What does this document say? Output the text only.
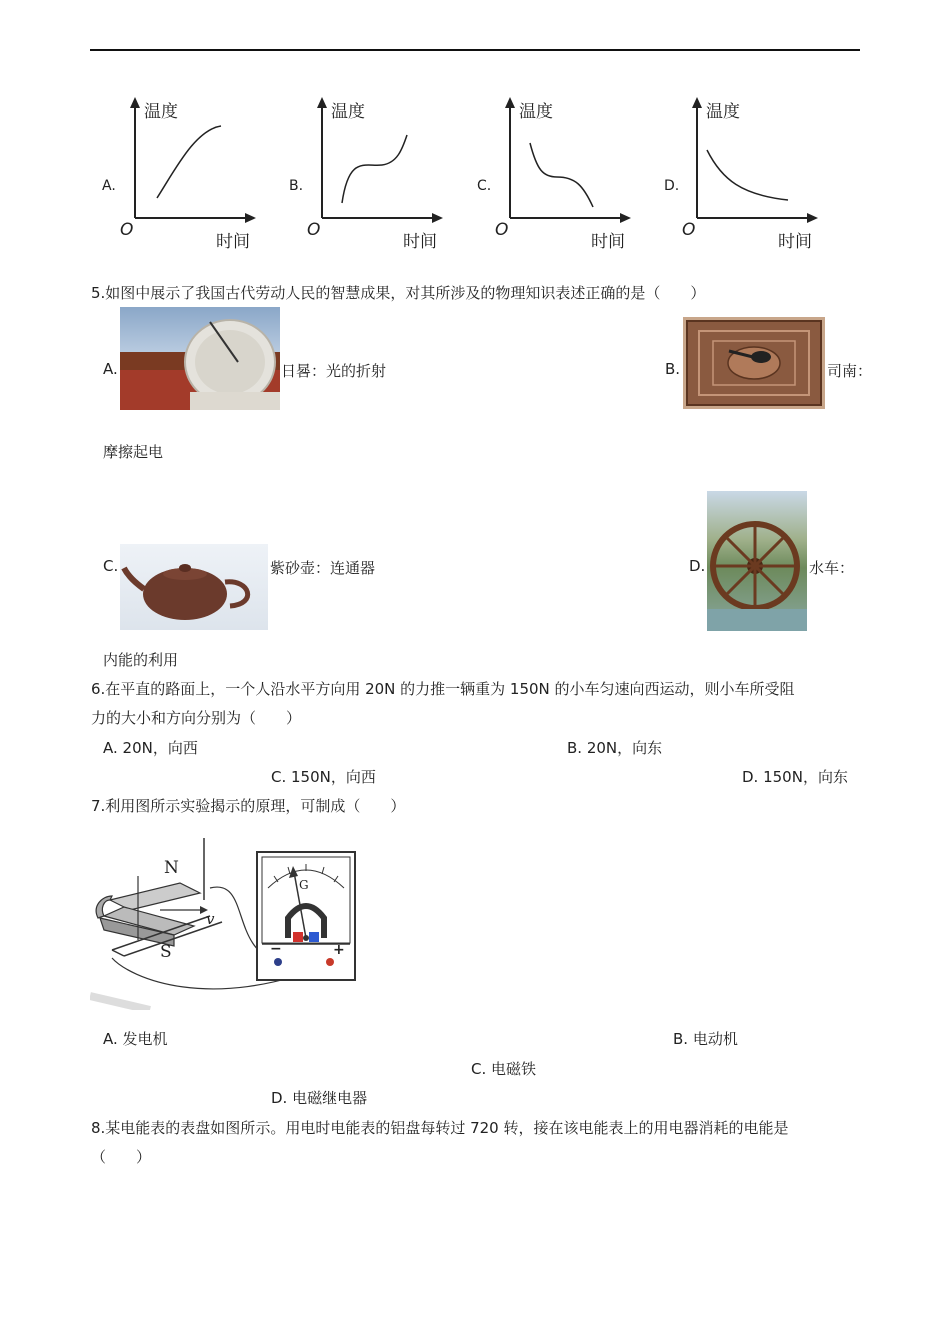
温度
A.
O
时间
温度
B.
O
时间
温度
C.
O
时间
温度
D.
O
时间
5.如图中展示了我国古代劳动人民的智慧成果，对其所涉及的物理知识表述正确的是（　　）
A.	日晷：光的折射	B.	司南：
摩擦起电
C.	紫砂壶：连通器	D.	水车：
内能的利用
6.在平直的路面上，一个人沿水平方向用 20N 的力推一辆重为 150N 的小车匀速向西运动，则小车所受阻
力的大小和方向分别为（　　）
A. 20N，向西	B. 20N，向东
C. 150N，向西	D. 150N，向东
7.利用图所示实验揭示的原理，可制成（　　）
N
S
v
G
−	+
A. 发电机	B. 电动机
C. 电磁铁
D. 电磁继电器
8.某电能表的表盘如图所示。用电时电能表的铝盘每转过 720 转，接在该电能表上的用电器消耗的电能是
（　　）
